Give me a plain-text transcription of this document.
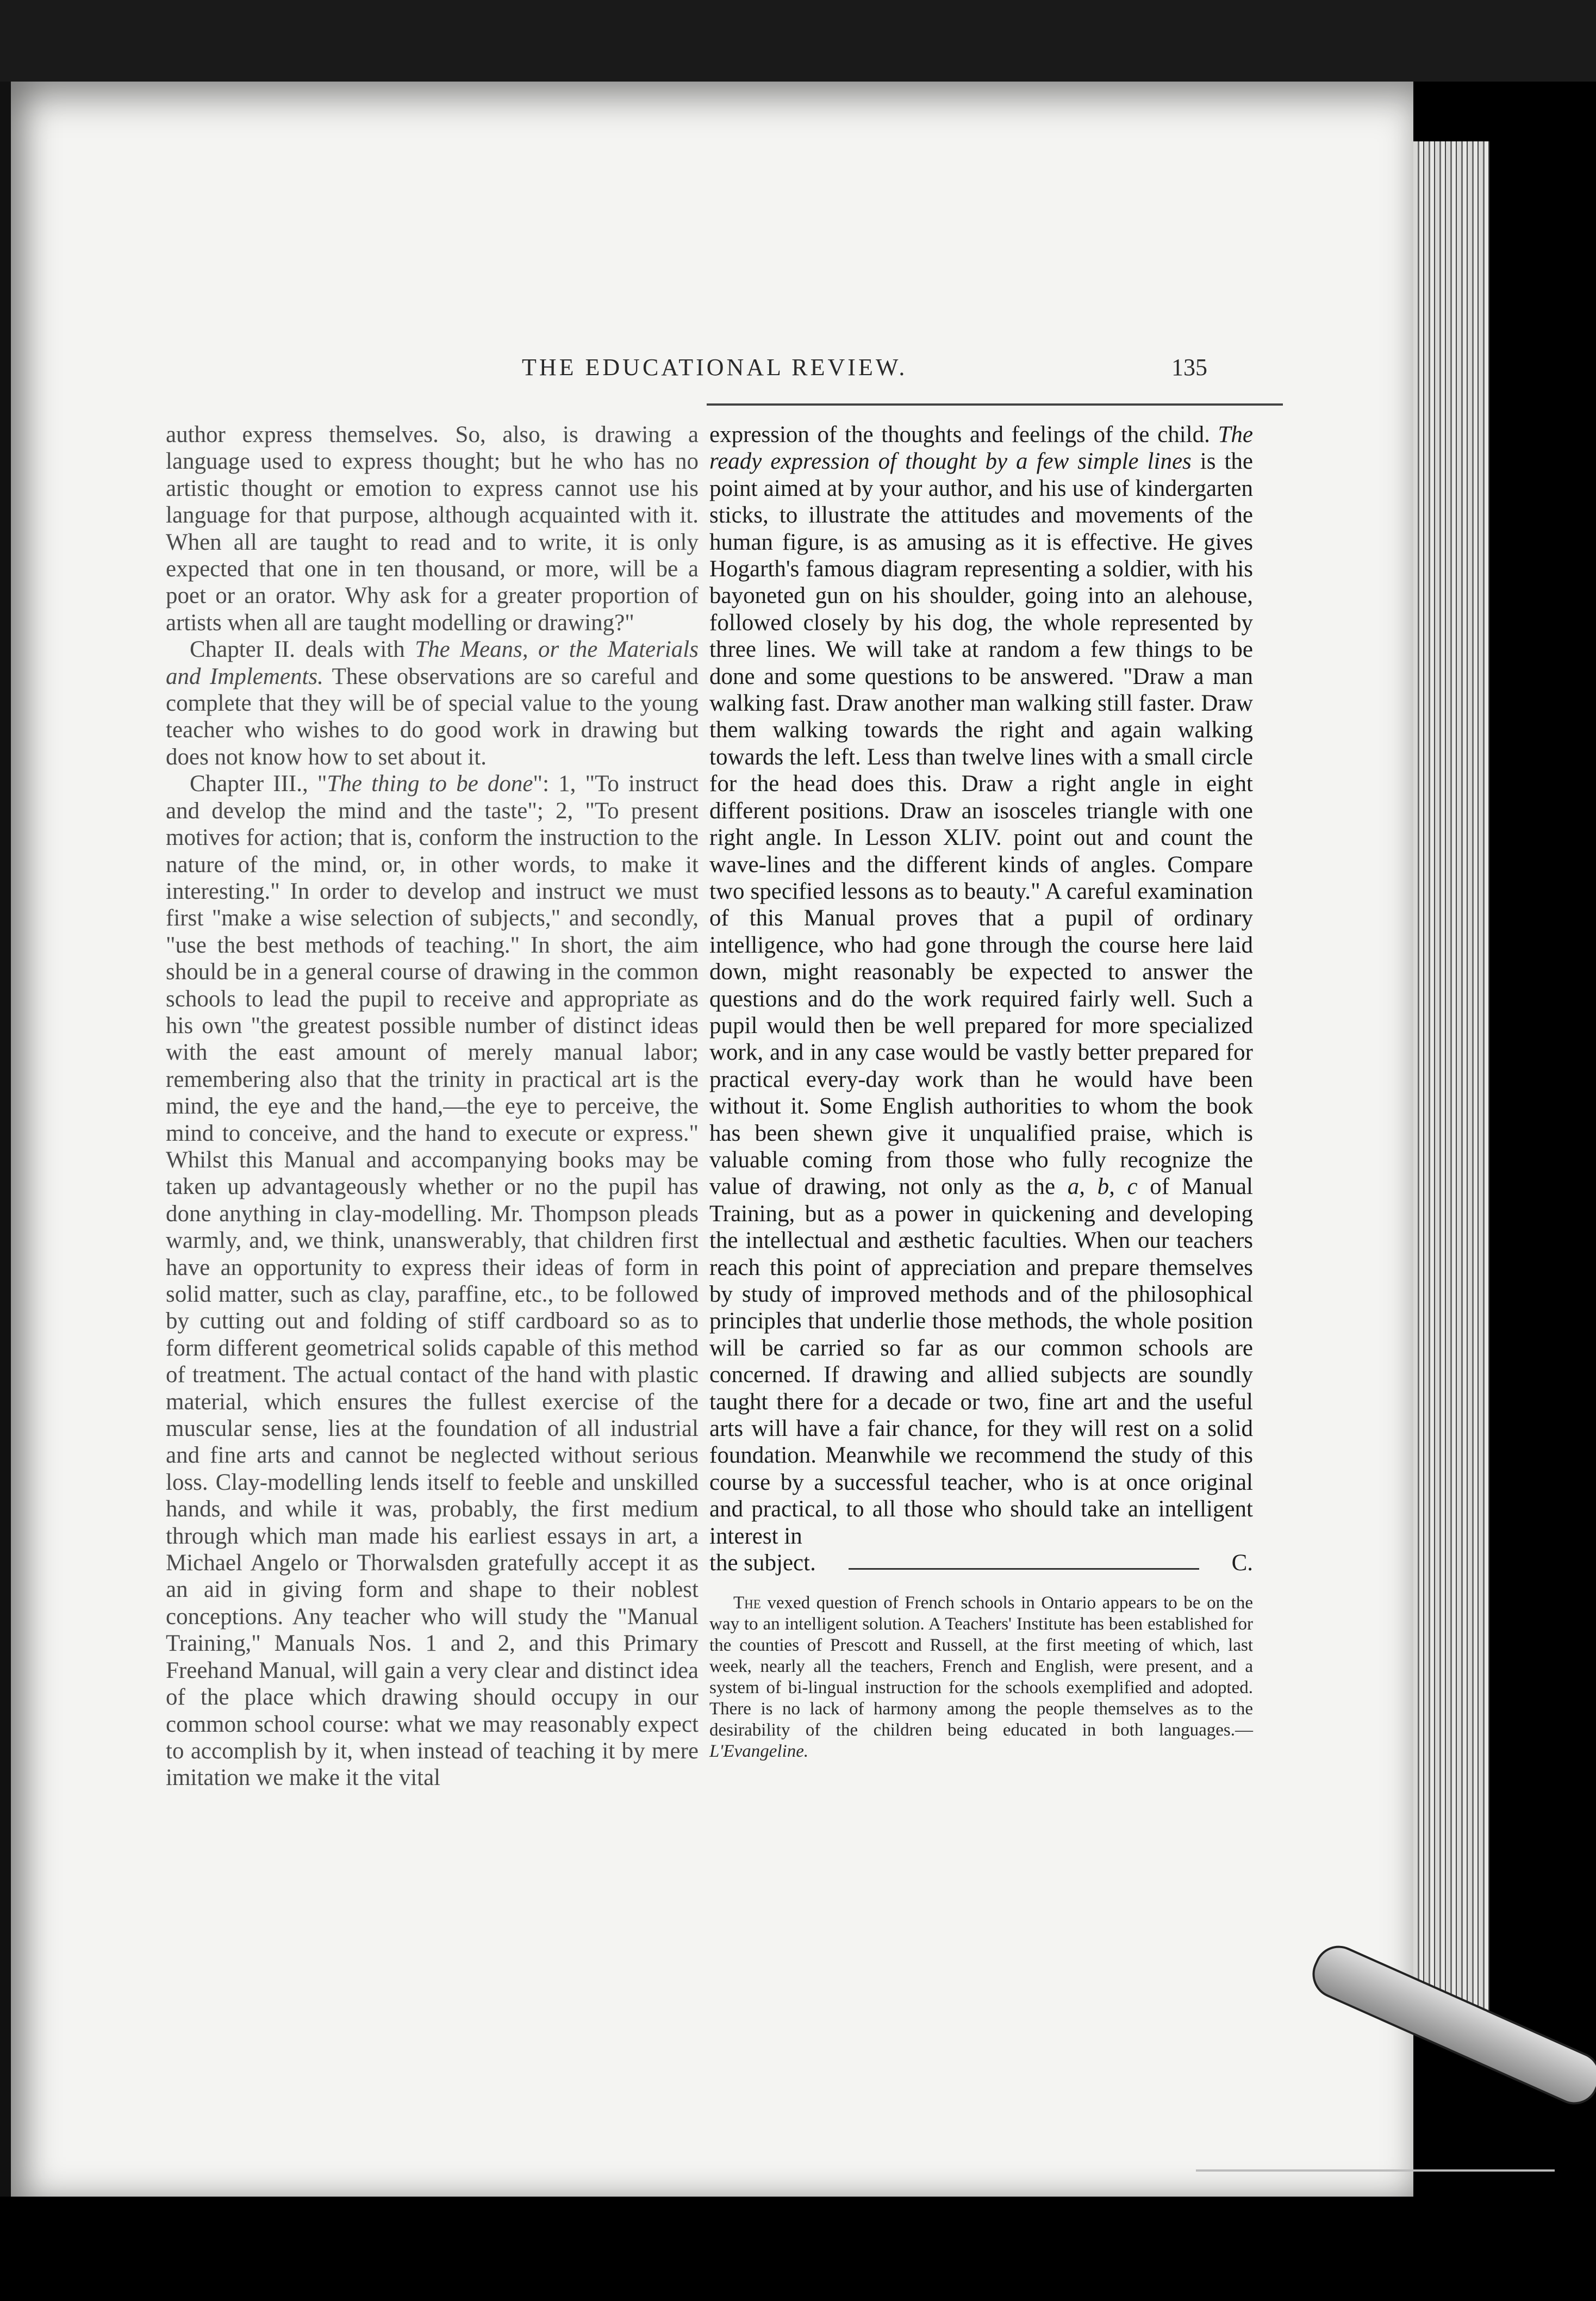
THE EDUCATIONAL REVIEW.	135

author express themselves. So, also, is drawing a language used to express thought; but he who has no artistic thought or emotion to express cannot use his language for that purpose, although acquainted with it. When all are taught to read and to write, it is only expected that one in ten thousand, or more, will be a poet or an orator. Why ask for a greater proportion of artists when all are taught modelling or drawing?"

Chapter II. deals with The Means, or the Materials and Implements. These observations are so careful and complete that they will be of special value to the young teacher who wishes to do good work in drawing but does not know how to set about it.

Chapter III., "The thing to be done": 1, "To instruct and develop the mind and the taste"; 2, "To present motives for action; that is, conform the instruction to the nature of the mind, or, in other words, to make it interesting." In order to develop and instruct we must first "make a wise selection of subjects," and secondly, "use the best methods of teaching." In short, the aim should be in a general course of drawing in the common schools to lead the pupil to receive and appropriate as his own "the greatest possible number of distinct ideas with the east amount of merely manual labor; remembering also that the trinity in practical art is the mind, the eye and the hand,—the eye to perceive, the mind to conceive, and the hand to execute or express." Whilst this Manual and accompanying books may be taken up advantageously whether or no the pupil has done anything in clay-modelling. Mr. Thompson pleads warmly, and, we think, unanswerably, that children first have an opportunity to express their ideas of form in solid matter, such as clay, paraffine, etc., to be followed by cutting out and folding of stiff cardboard so as to form different geometrical solids capable of this method of treatment. The actual contact of the hand with plastic material, which ensures the fullest exercise of the muscular sense, lies at the foundation of all industrial and fine arts and cannot be neglected without serious loss. Clay-modelling lends itself to feeble and unskilled hands, and while it was, probably, the first medium through which man made his earliest essays in art, a Michael Angelo or Thorwalsden gratefully accept it as an aid in giving form and shape to their noblest conceptions. Any teacher who will study the "Manual Training," Manuals Nos. 1 and 2, and this Primary Freehand Manual, will gain a very clear and distinct idea of the place which drawing should occupy in our common school course: what we may reasonably expect to accomplish by it, when instead of teaching it by mere imitation we make it the vital

expression of the thoughts and feelings of the child. The ready expression of thought by a few simple lines is the point aimed at by your author, and his use of kindergarten sticks, to illustrate the attitudes and movements of the human figure, is as amusing as it is effective. He gives Hogarth's famous diagram representing a soldier, with his bayoneted gun on his shoulder, going into an alehouse, followed closely by his dog, the whole represented by three lines. We will take at random a few things to be done and some questions to be answered. "Draw a man walking fast. Draw another man walking still faster. Draw them walking towards the right and again walking towards the left. Less than twelve lines with a small circle for the head does this. Draw a right angle in eight different positions. Draw an isosceles triangle with one right angle. In Lesson XLIV. point out and count the wave-lines and the different kinds of angles. Compare two specified lessons as to beauty." A careful examination of this Manual proves that a pupil of ordinary intelligence, who had gone through the course here laid down, might reasonably be expected to answer the questions and do the work required fairly well. Such a pupil would then be well prepared for more specialized work, and in any case would be vastly better prepared for practical every-day work than he would have been without it. Some English authorities to whom the book has been shewn give it unqualified praise, which is valuable coming from those who fully recognize the value of drawing, not only as the a, b, c of Manual Training, but as a power in quickening and developing the intellectual and æsthetic faculties. When our teachers reach this point of appreciation and prepare themselves by study of improved methods and of the philosophical principles that underlie those methods, the whole position will be carried so far as our common schools are concerned. If drawing and allied subjects are soundly taught there for a decade or two, fine art and the useful arts will have a fair chance, for they will rest on a solid foundation. Meanwhile we recommend the study of this course by a successful teacher, who is at once original and practical, to all those who should take an intelligent interest in

the subject.	C.
The vexed question of French schools in Ontario appears to be on the way to an intelligent solution. A Teachers' Institute has been established for the counties of Prescott and Russell, at the first meeting of which, last week, nearly all the teachers, French and English, were present, and a system of bi-lingual instruction for the schools exemplified and adopted. There is no lack of harmony among the people themselves as to the desirability of the children being educated in both languages.—L'Evangeline.
